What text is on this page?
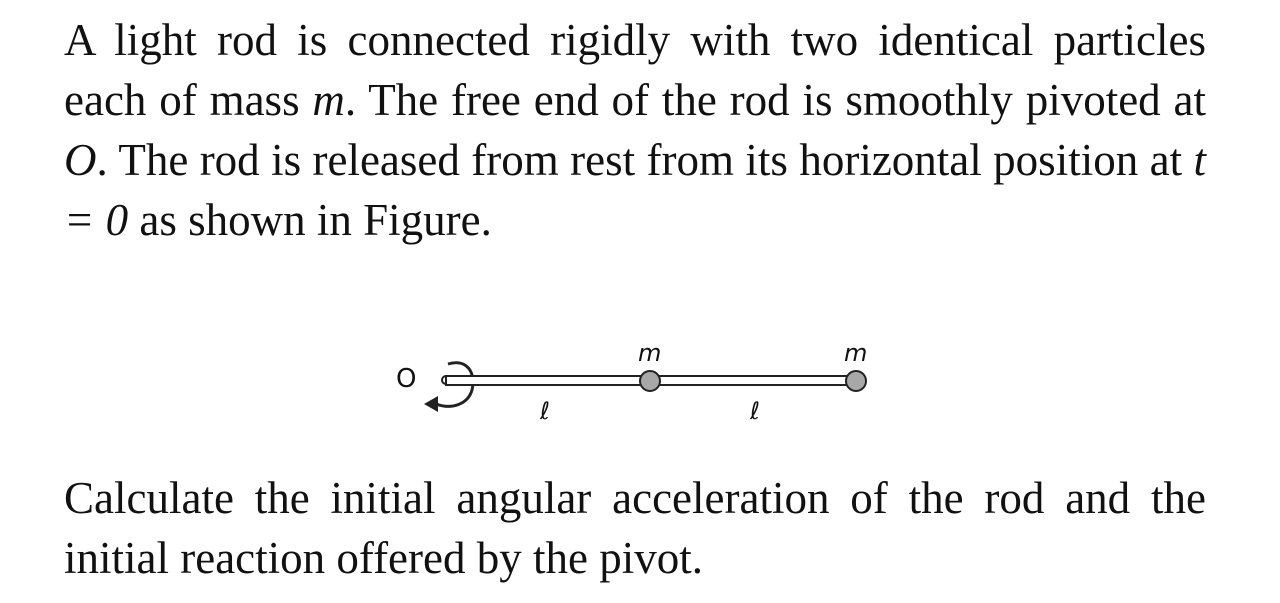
A light rod is connected rigidly with two identical particles each of mass m. The free end of the rod is smoothly pivoted at O. The rod is released from rest from its horizontal position at t = 0 as shown in Figure.

O
m	m
ℓ	ℓ

Calculate the initial angular acceleration of the rod and the initial reaction offered by the pivot.
